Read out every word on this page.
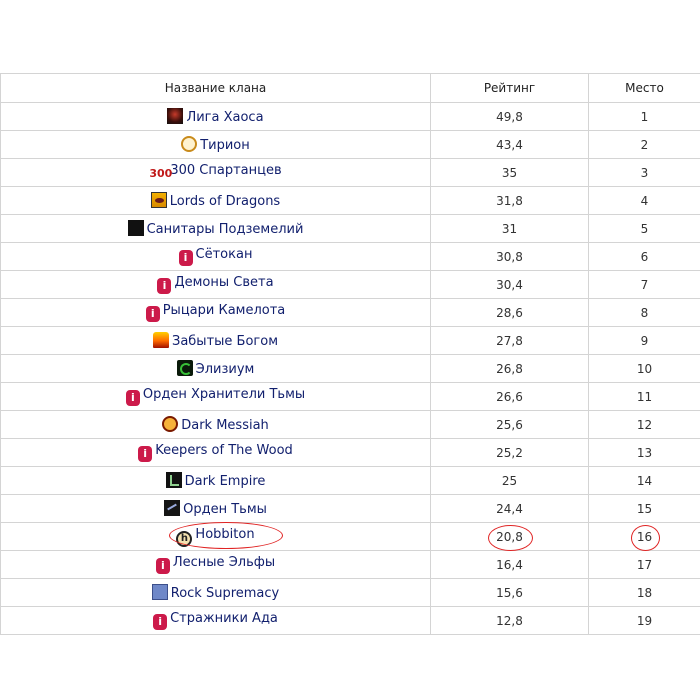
Название клана	Рейтинг	Место
Лига Хаоса	49,8	1
Тирион	43,4	2
300300 Спартанцев	35	3
Lords of Dragons	31,8	4
Санитары Подземелий	31	5
i Сётокан	30,8	6
i Демоны Света	30,4	7
i Рыцари Камелота	28,6	8
Забытые Богом	27,8	9
Элизиум	26,8	10
i Орден Хранители Тьмы	26,6	11
Dark Messiah	25,6	12
i Keepers of The Wood	25,2	13
Dark Empire	25	14
Орден Тьмы	24,4	15
h Hobbiton	20,8	16
i Лесные Эльфы	16,4	17
Rock Supremacy	15,6	18
i Стражники Ада	12,8	19
